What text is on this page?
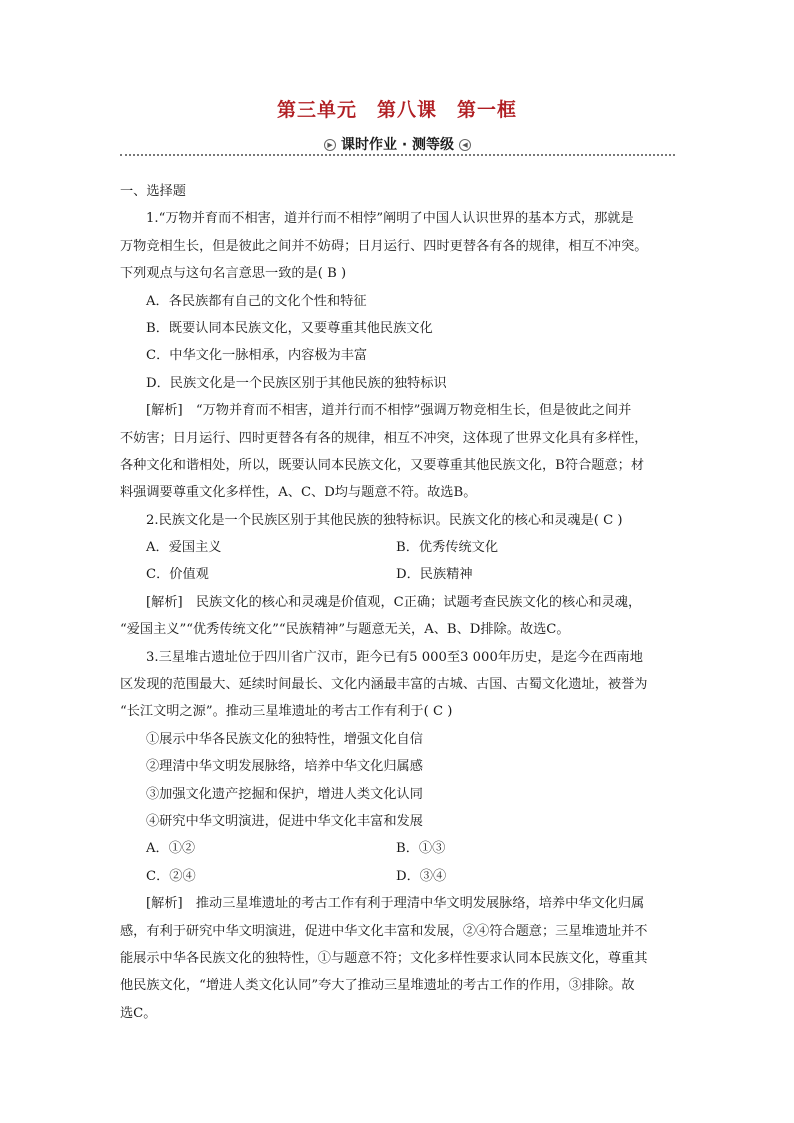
第三单元　第八课　第一框
▶ 课时作业 · 测等级 ◀
一、选择题
1.“万物并育而不相害，道并行而不相悖”阐明了中国人认识世界的基本方式，那就是
万物竞相生长，但是彼此之间并不妨碍；日月运行、四时更替各有各的规律，相互不冲突。
下列观点与这句名言意思一致的是( B )
A．各民族都有自己的文化个性和特征
B．既要认同本民族文化，又要尊重其他民族文化
C．中华文化一脉相承，内容极为丰富
D．民族文化是一个民族区别于其他民族的独特标识
[解析]　“万物并育而不相害，道并行而不相悖”强调万物竞相生长，但是彼此之间并
不妨害；日月运行、四时更替各有各的规律，相互不冲突，这体现了世界文化具有多样性，
各种文化和谐相处，所以，既要认同本民族文化，又要尊重其他民族文化，B符合题意；材
料强调要尊重文化多样性，A、C、D均与题意不符。故选B。
2.民族文化是一个民族区别于其他民族的独特标识。民族文化的核心和灵魂是( C )
A．爱国主义	B．优秀传统文化
C．价值观	D．民族精神
[解析]　民族文化的核心和灵魂是价值观，C正确；试题考查民族文化的核心和灵魂，
“爱国主义”“优秀传统文化”“民族精神”与题意无关，A、B、D排除。故选C。
3.三星堆古遗址位于四川省广汉市，距今已有5 000至3 000年历史，是迄今在西南地
区发现的范围最大、延续时间最长、文化内涵最丰富的古城、古国、古蜀文化遗址，被誉为
“长江文明之源”。推动三星堆遗址的考古工作有利于( C )
①展示中华各民族文化的独特性，增强文化自信
②理清中华文明发展脉络，培养中华文化归属感
③加强文化遗产挖掘和保护，增进人类文化认同
④研究中华文明演进，促进中华文化丰富和发展
A．①②	B．①③
C．②④	D．③④
[解析]　推动三星堆遗址的考古工作有利于理清中华文明发展脉络，培养中华文化归属
感，有利于研究中华文明演进，促进中华文化丰富和发展，②④符合题意；三星堆遗址并不
能展示中华各民族文化的独特性，①与题意不符；文化多样性要求认同本民族文化，尊重其
他民族文化，“增进人类文化认同”夸大了推动三星堆遗址的考古工作的作用，③排除。故
选C。
